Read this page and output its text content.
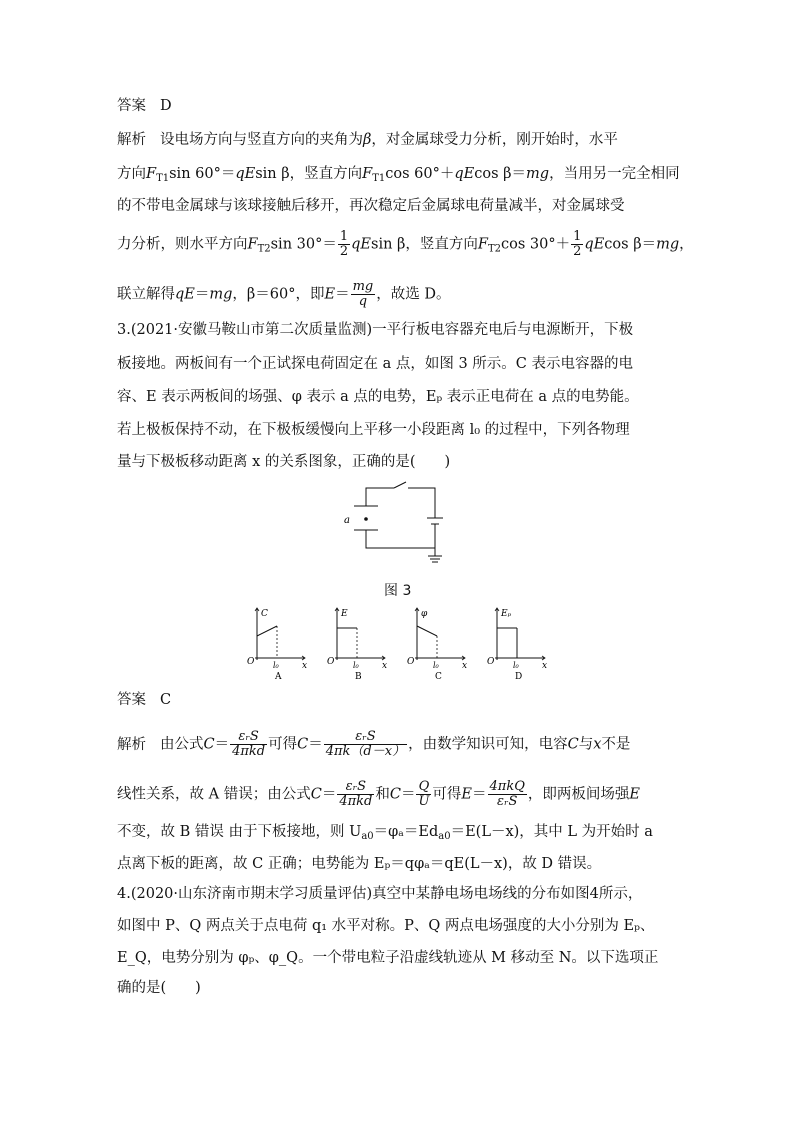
答案 D
解析 设电场方向与竖直方向的夹角为β，对金属球受力分析，刚开始时，水平
方向$F_{T1}\sin$ 60°＝qEsin β，竖直方向$F_{T1}\cos$ 60°＋qEcos β＝mg，当用另一完全相同
的不带电金属球与该球接触后移开，再次稳定后金属球电荷量减半，对金属球受
力分析，则水平方向$F_{T2}\sin$ $30^\circ= \frac{1}{2}$ qEsin β，竖直方向$F_{T2}\cos$ $30^\circ+ \frac{1}{2}$ qEcos β＝mg，
联立解得qE＝mg，β＝60°，即$E= \frac{mg}{q}$ ，故选 D。
3.(2021·安徽马鞍山市第二次质量监测)一平行板电容器充电后与电源断开，下极
板接地。两板间有一个正试探电荷固定在 a 点，如图 3 所示。C 表示电容器的电
容、E 表示两板间的场强、φ 表示 a 点的电势，Eₚ 表示正电荷在 a 点的电势能。
若上极板保持不动，在下极板缓慢向上平移一小段距离 l₀ 的过程中，下列各物理
量与下极板移动距离 x 的关系图象，正确的是(　　)
a
图 3
C
O	x
l₀
A
E
O	x
l₀
B
φ
O	x
l₀
C
Eₚ
O	x
l₀
D
答案 C
解析 由公式$C= \frac{\text{εᵣS}}{\text{4πkd}}$ 可得$C= \frac{\text{εᵣS}}{4\pi k(d-x)}$ ，由数学知识可知，电容C与x不是
线性关系，故 A 错误；由公式$C= \frac{\text{εᵣS}}{\text{4πkd}}$ 和$C= \frac{Q}{U}$ 可得$E= \frac{\text{4πkQ}}{\text{εᵣS}}$ ，即两板间场强E
不变，故 B 错误 由于下板接地，则 $U_{a0}=\varphi_a=Ed_{a0}=E(L-x)$，其中 L 为开始时 a
点离下板的距离，故 C 正确；电势能为 Eₚ＝qφₐ＝qE(L－x)，故 D 错误。
4.(2020·山东济南市期末学习质量评估)真空中某静电场电场线的分布如图4所示，
如图中 P、Q 两点关于点电荷 q₁ 水平对称。P、Q 两点电场强度的大小分别为 Eₚ、
E_Q，电势分别为 φₚ、φ_Q。一个带电粒子沿虚线轨迹从 M 移动至 N。以下选项正
确的是(　　)
